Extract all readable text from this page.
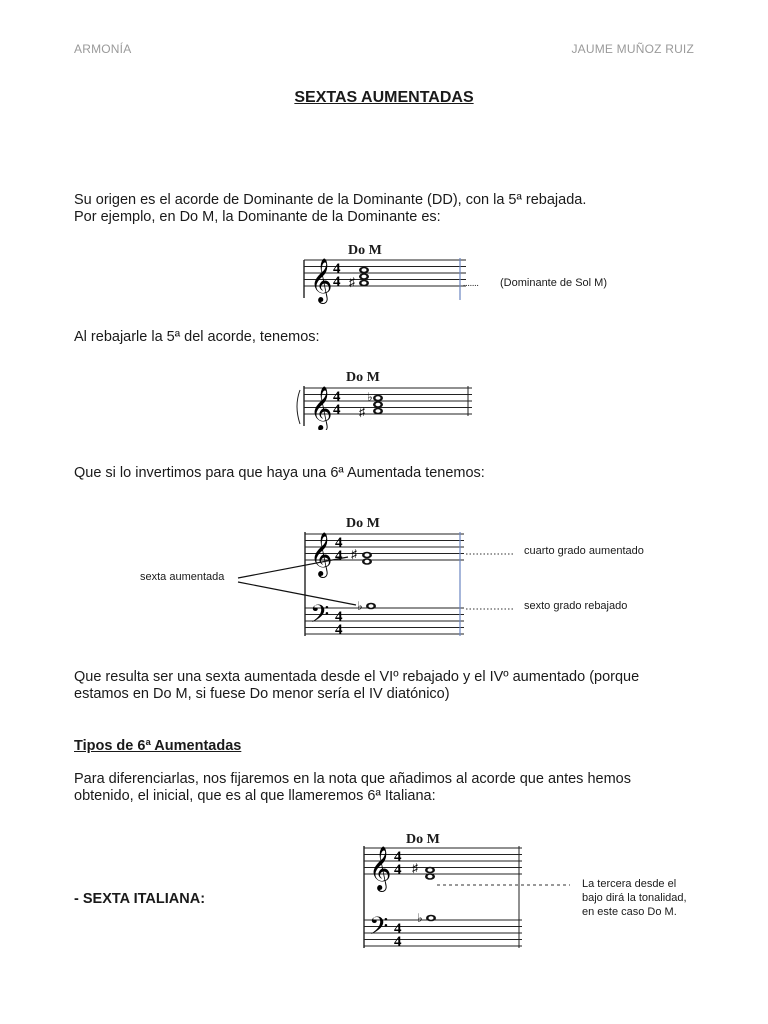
ARMONÍA	JAUME MUÑOZ RUIZ
SEXTAS AUMENTADAS
Su origen es el acorde de Dominante de la Dominante (DD), con la 5ª rebajada.
Por ejemplo, en Do M, la Dominante de la Dominante es:
𝄞 4
4 ♯	.......
Do M
(Dominante de Sol M)
Al rebajarle la 5ª del acorde, tenemos:
𝄞 4
4 ♯
♭
Do M
Que si lo invertimos para que haya una 6ª Aumentada tenemos:
𝄞 4
4
𝄢 4
4
♯
♭
Do M
sexta aumentada
cuarto grado aumentado
sexto grado rebajado
Que resulta ser una sexta aumentada desde el VIº rebajado y el IVº aumentado (porque
estamos en Do M, si fuese Do menor sería el IV diatónico)
Tipos de 6ª Aumentadas
Para diferenciarlas, nos fijaremos en la nota que añadimos al acorde que antes hemos
obtenido, el inicial, que es al que llameremos 6ª Italiana:
- SEXTA ITALIANA:
𝄞 4
4
𝄢 4
4
♯
♭
Do M
La tercera desde el
bajo dirá la tonalidad,
en este caso Do M.
